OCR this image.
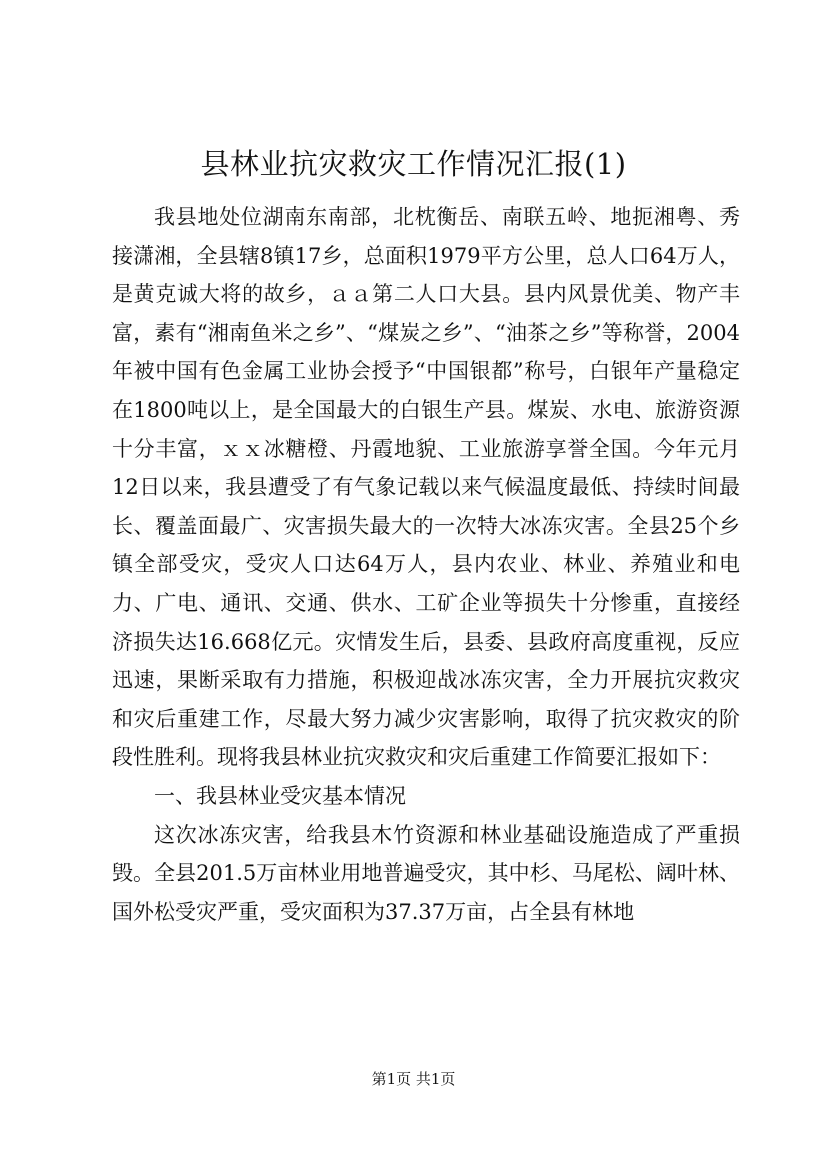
县林业抗灾救灾工作情况汇报(1)

我县地处位湖南东南部，北枕衡岳、南联五岭、地扼湘粤、秀接潇湘，全县辖8镇17乡，总面积1979平方公里，总人口64万人，是黄克诚大将的故乡，ａａ第二人口大县。县内风景优美、物产丰富，素有“湘南鱼米之乡”、“煤炭之乡”、“油茶之乡”等称誉，2004年被中国有色金属工业协会授予“中国银都”称号，白银年产量稳定在1800吨以上，是全国最大的白银生产县。煤炭、水电、旅游资源十分丰富，ｘｘ冰糖橙、丹霞地貌、工业旅游享誉全国。今年元月12日以来，我县遭受了有气象记载以来气候温度最低、持续时间最长、覆盖面最广、灾害损失最大的一次特大冰冻灾害。全县25个乡镇全部受灾，受灾人口达64万人，县内农业、林业、养殖业和电力、广电、通讯、交通、供水、工矿企业等损失十分惨重，直接经济损失达16.668亿元。灾情发生后，县委、县政府高度重视，反应迅速，果断采取有力措施，积极迎战冰冻灾害，全力开展抗灾救灾和灾后重建工作，尽最大努力减少灾害影响，取得了抗灾救灾的阶段性胜利。现将我县林业抗灾救灾和灾后重建工作简要汇报如下：

一、我县林业受灾基本情况

这次冰冻灾害，给我县木竹资源和林业基础设施造成了严重损毁。全县201.5万亩林业用地普遍受灾，其中杉、马尾松、阔叶林、国外松受灾严重，受灾面积为37.37万亩，占全县有林地

第1页 共1页
